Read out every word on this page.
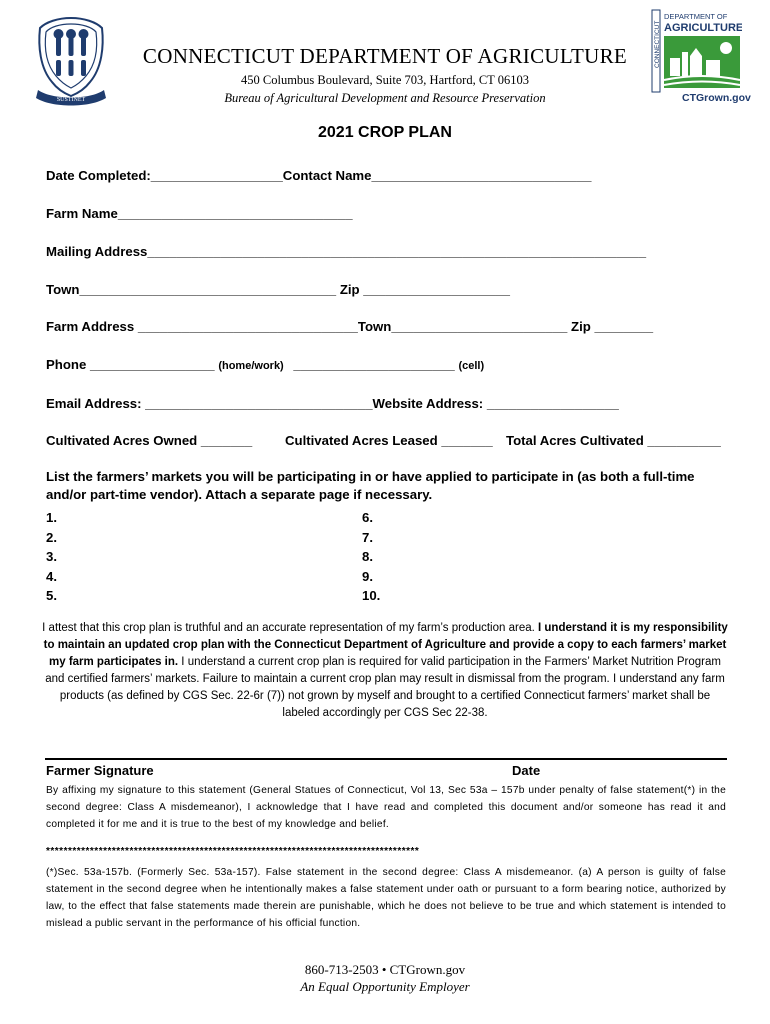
SUSTINET
CONNECTICUT DEPARTMENT OF AGRICULTURE
450 Columbus Boulevard, Suite 703, Hartford, CT 06103
Bureau of Agricultural Development and Resource Preservation
CONNECTICUT
DEPARTMENT OF
AGRICULTURE
CTGrown.gov
2021 CROP PLAN
Date Completed:__________________Contact Name______________________________
Farm Name________________________________
Mailing Address____________________________________________________________________
Town___________________________________ Zip ____________________
Farm Address ______________________________Town________________________ Zip ________
Phone _________________ (home/work) ______________________ (cell)
Email Address: _______________________________Website Address: __________________
Cultivated Acres Owned _______ Cultivated Acres Leased _______ Total Acres Cultivated __________
List the farmers’ markets you will be participating in or have applied to participate in (as both a full-time and/or part-time vendor). Attach a separate page if necessary.
1.
2.
3.
4.
5.
6.
7.
8.
9.
10.
I attest that this crop plan is truthful and an accurate representation of my farm’s production area. I understand it is my responsibility to maintain an updated crop plan with the Connecticut Department of Agriculture and provide a copy to each farmers’ market my farm participates in. I understand a current crop plan is required for valid participation in the Farmers’ Market Nutrition Program and certified farmers’ markets. Failure to maintain a current crop plan may result in dismissal from the program. I understand any farm products (as defined by CGS Sec. 22-6r (7)) not grown by myself and brought to a certified Connecticut farmers’ market shall be labeled accordingly per CGS Sec 22-38.
Farmer Signature	Date
By affixing my signature to this statement (General Statues of Connecticut, Vol 13, Sec 53a – 157b under penalty of false statement(*) in the second degree: Class A misdemeanor), I acknowledge that I have read and completed this document and/or someone has read it and completed it for me and it is true to the best of my knowledge and belief.
*************************************************************************************
(*)Sec. 53a-157b. (Formerly Sec. 53a-157). False statement in the second degree: Class A misdemeanor. (a) A person is guilty of false statement in the second degree when he intentionally makes a false statement under oath or pursuant to a form bearing notice, authorized by law, to the effect that false statements made therein are punishable, which he does not believe to be true and which statement is intended to mislead a public servant in the performance of his official function.
860-713-2503 • CTGrown.gov
An Equal Opportunity Employer
